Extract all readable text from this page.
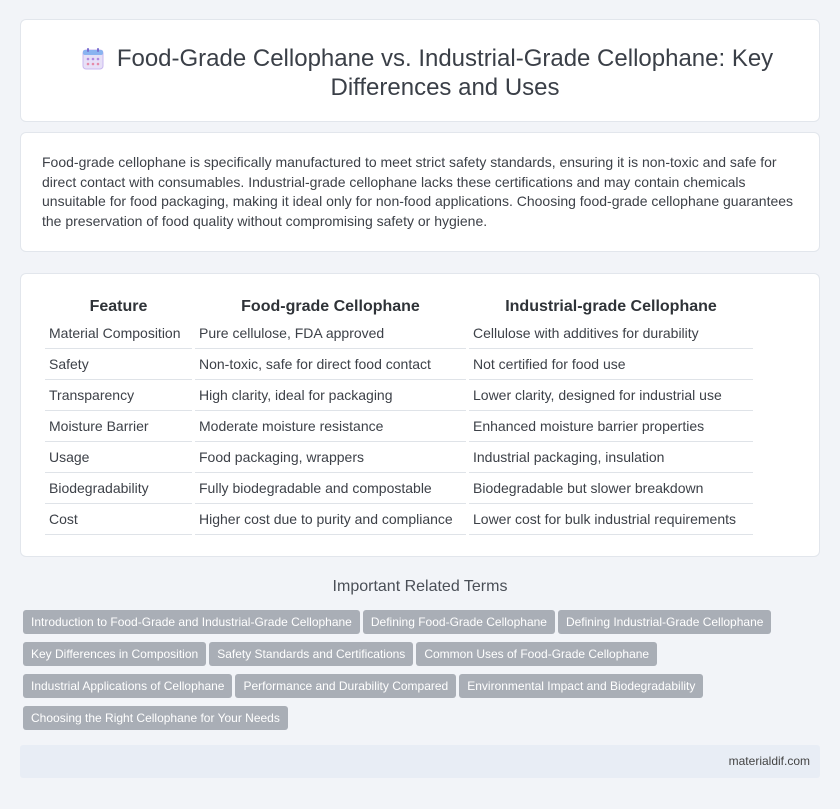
Food-Grade Cellophane vs. Industrial-Grade Cellophane: Key Differences and Uses

Food-grade cellophane is specifically manufactured to meet strict safety standards, ensuring it is non-toxic and safe for direct contact with consumables. Industrial-grade cellophane lacks these certifications and may contain chemicals unsuitable for food packaging, making it ideal only for non-food applications. Choosing food-grade cellophane guarantees the preservation of food quality without compromising safety or hygiene.

Feature	Food-grade Cellophane	Industrial-grade Cellophane
Material Composition	Pure cellulose, FDA approved	Cellulose with additives for durability
Safety	Non-toxic, safe for direct food contact	Not certified for food use
Transparency	High clarity, ideal for packaging	Lower clarity, designed for industrial use
Moisture Barrier	Moderate moisture resistance	Enhanced moisture barrier properties
Usage	Food packaging, wrappers	Industrial packaging, insulation
Biodegradability	Fully biodegradable and compostable	Biodegradable but slower breakdown
Cost	Higher cost due to purity and compliance	Lower cost for bulk industrial requirements
Important Related Terms
Introduction to Food-Grade and Industrial-Grade Cellophane Defining Food-Grade Cellophane Defining Industrial-Grade Cellophane
Key Differences in Composition Safety Standards and Certifications Common Uses of Food-Grade Cellophane
Industrial Applications of Cellophane Performance and Durability Compared Environmental Impact and Biodegradability
Choosing the Right Cellophane for Your Needs
materialdif.com
